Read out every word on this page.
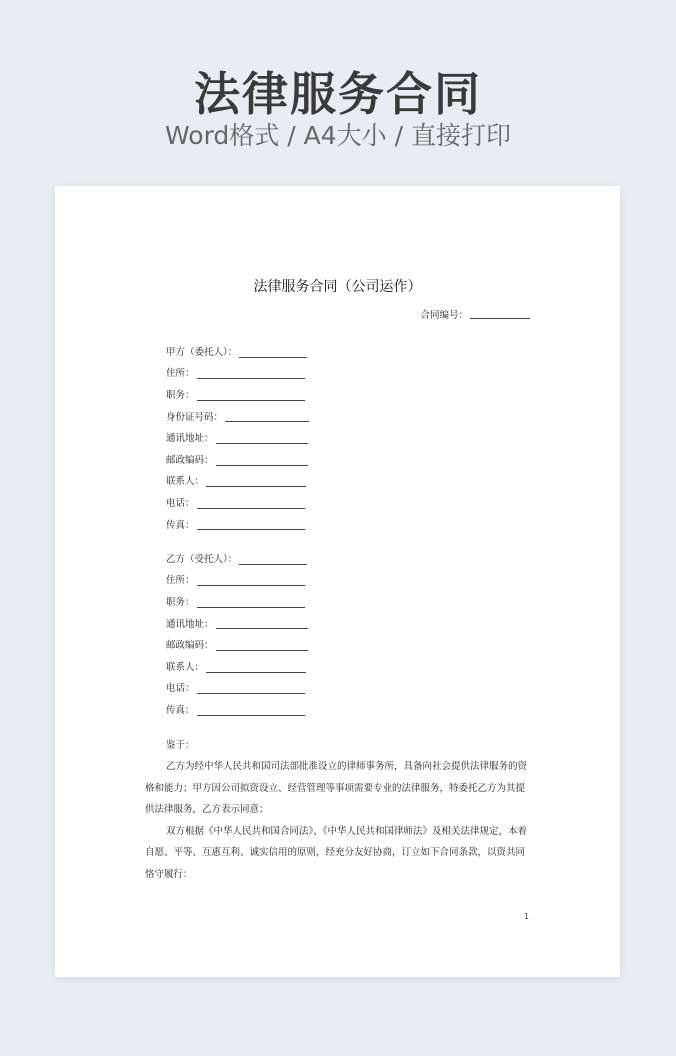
法律服务合同
Word格式 / A4大小 / 直接打印
法律服务合同（公司运作）
合同编号：
甲方（委托人）：
住所：
职务：
身份证号码：
通讯地址：
邮政编码：
联系人：
电话：
传真：
乙方（受托人）：
住所：
职务：
通讯地址：
邮政编码：
联系人：
电话：
传真：
鉴于：

乙方为经中华人民共和国司法部批准设立的律师事务所，具备向社会提供法律服务的资格和能力；甲方因公司拟资设立、经营管理等事项需要专业的法律服务，特委托乙方为其提供法律服务，乙方表示同意；

双方根据《中华人民共和国合同法》、《中华人民共和国律师法》及相关法律规定，本着自愿、平等、互惠互利、诚实信用的原则，经充分友好协商，订立如下合同条款，以资共同恪守履行：

1
